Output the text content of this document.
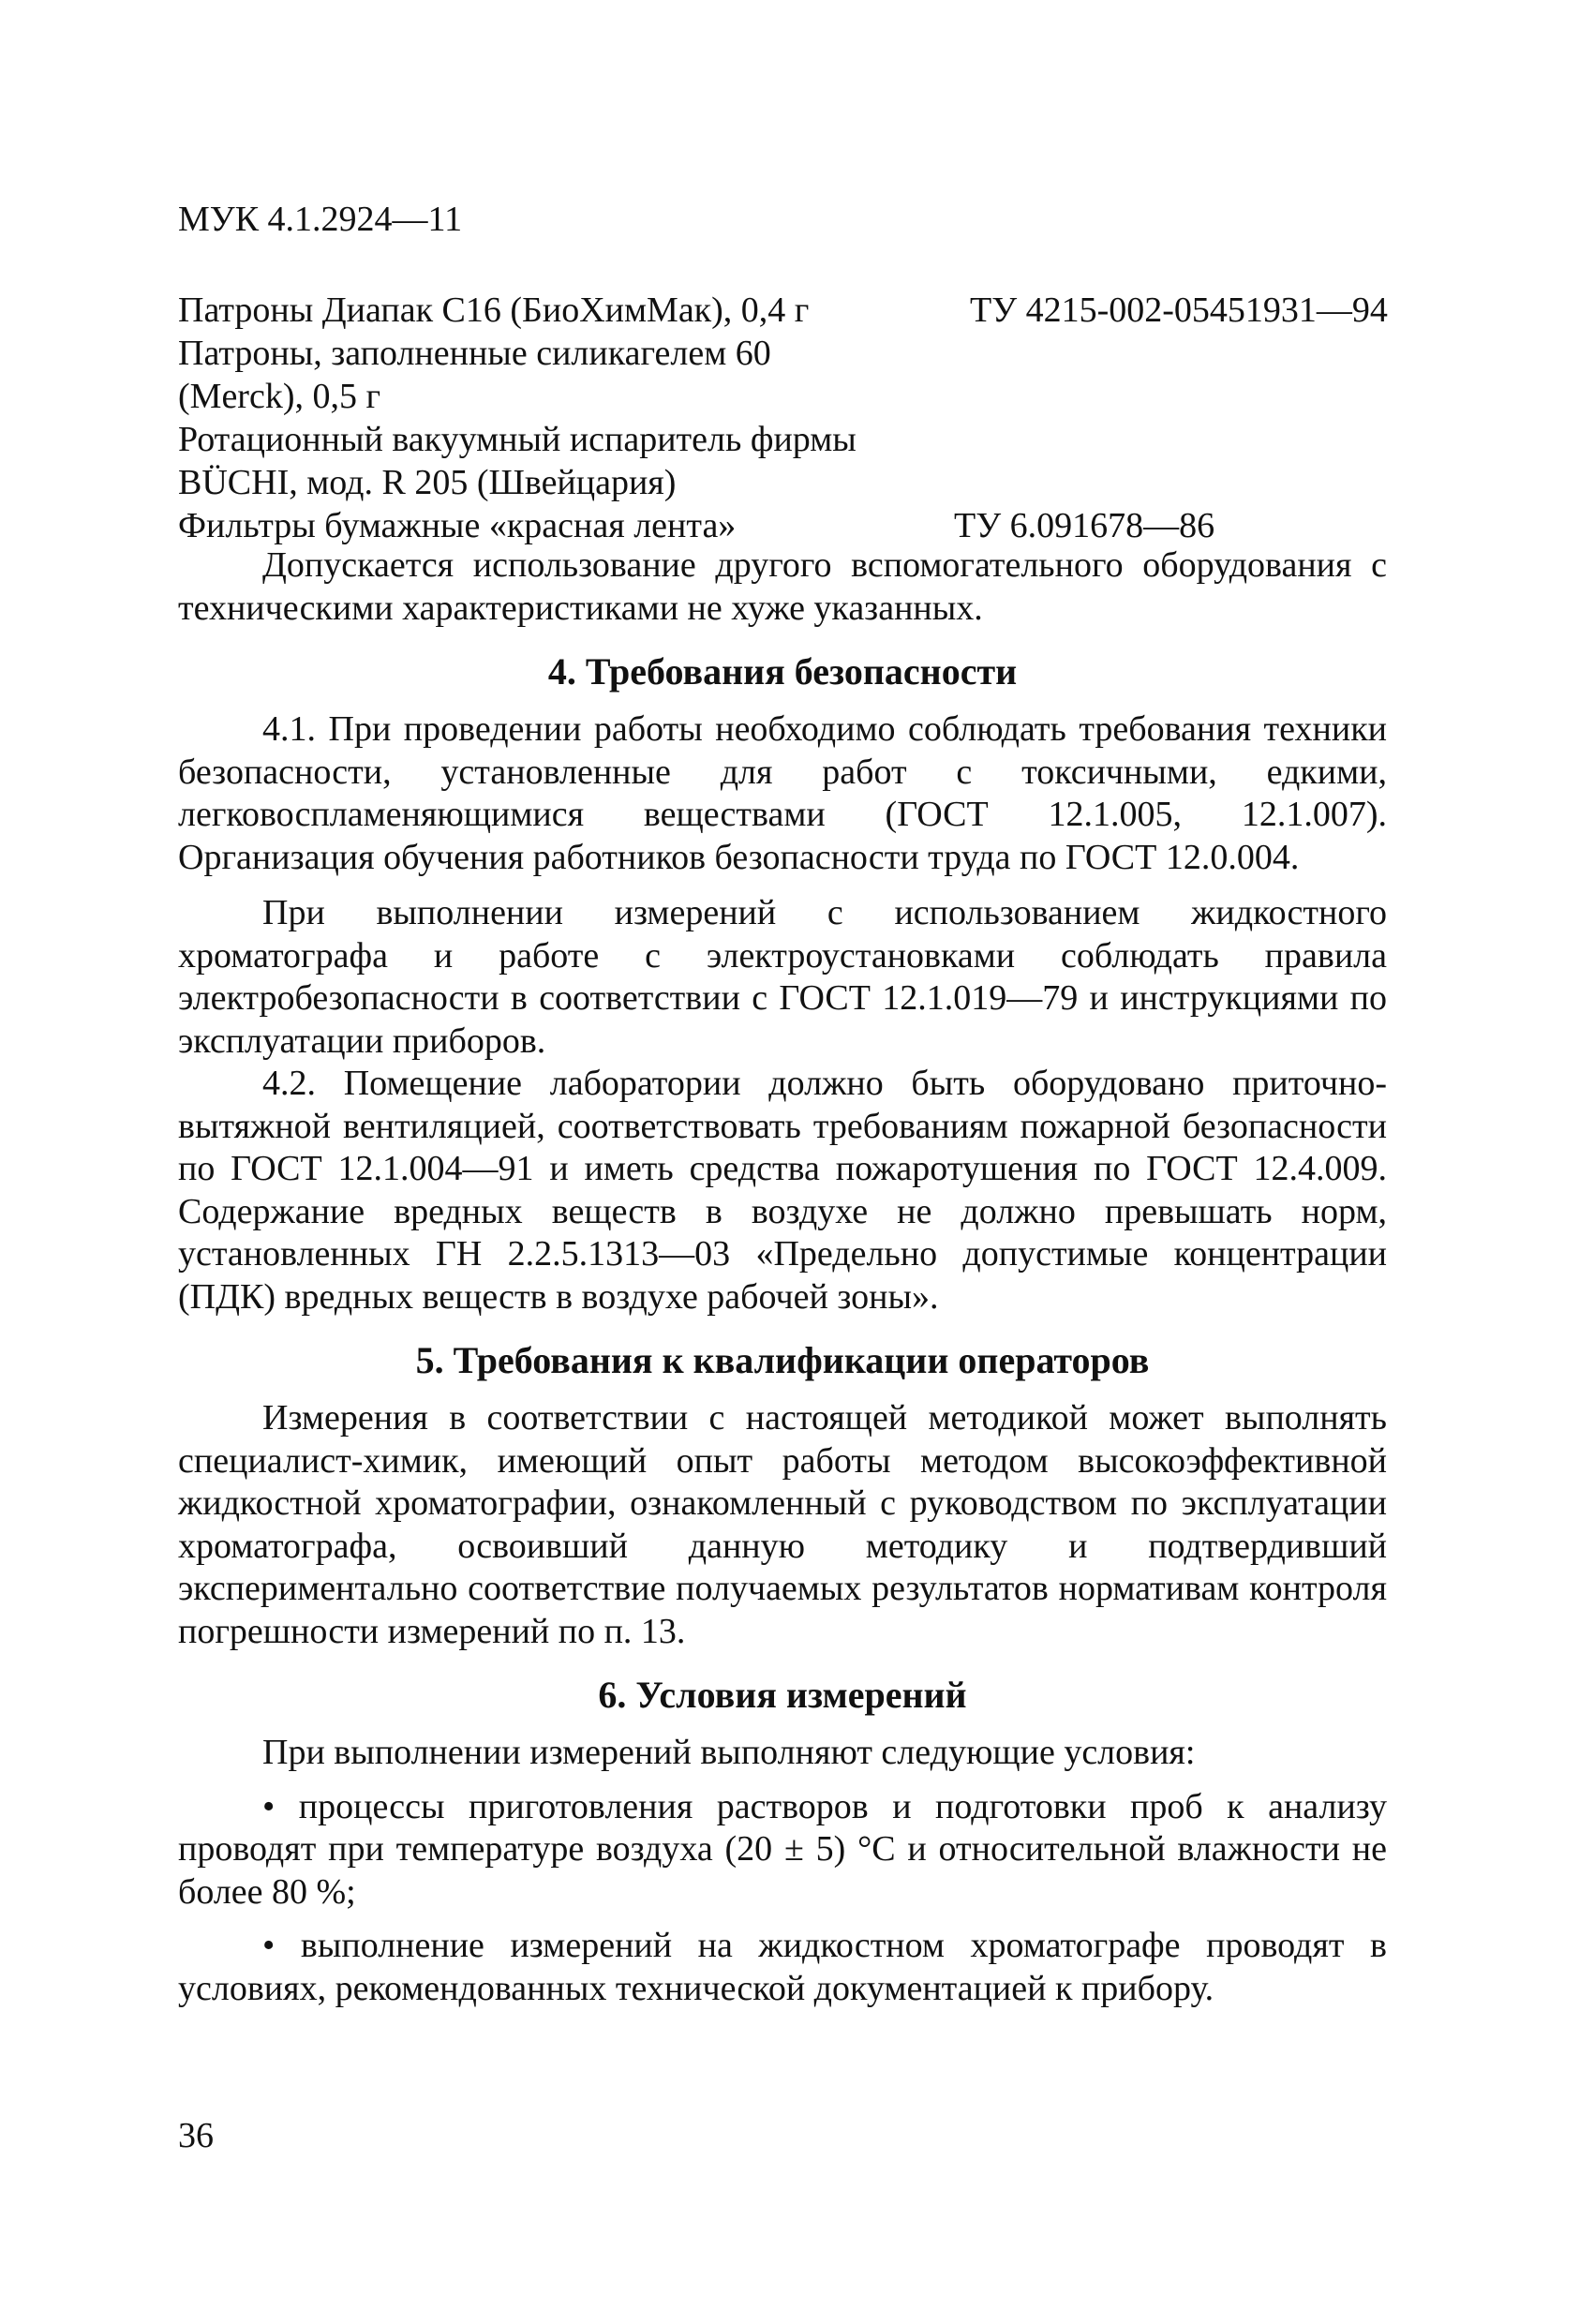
МУК 4.1.2924—11
Патроны Диапак С16 (БиоХимМак), 0,4 г	ТУ 4215-002-05451931—94
Патроны, заполненные силикагелем 60
(Merck), 0,5 г
Ротационный вакуумный испаритель фирмы
BÜCHI, мод. R 205 (Швейцария)
Фильтры бумажные «красная лента»	ТУ 6.091678—86

Допускается использование другого вспомогательного оборудования с техническими характеристиками не хуже указанных.

4. Требования безопасности

4.1. При проведении работы необходимо соблюдать требования техники безопасности, установленные для работ с токсичными, едкими, легковоспламеняющимися веществами (ГОСТ 12.1.005, 12.1.007). Организация обучения работников безопасности труда по ГОСТ 12.0.004.

При выполнении измерений с использованием жидкостного хроматографа и работе с электроустановками соблюдать правила электробезопасности в соответствии с ГОСТ 12.1.019—79 и инструкциями по эксплуатации приборов.

4.2. Помещение лаборатории должно быть оборудовано приточно-вытяжной вентиляцией, соответствовать требованиям пожарной безопасности по ГОСТ 12.1.004—91 и иметь средства пожаротушения по ГОСТ 12.4.009. Содержание вредных веществ в воздухе не должно превышать норм, установленных ГН 2.2.5.1313—03 «Предельно допустимые концентрации (ПДК) вредных веществ в воздухе рабочей зоны».

5. Требования к квалификации операторов

Измерения в соответствии с настоящей методикой может выполнять специалист-химик, имеющий опыт работы методом высокоэффективной жидкостной хроматографии, ознакомленный с руководством по эксплуатации хроматографа, освоивший данную методику и подтвердивший экспериментально соответствие получаемых результатов нормативам контроля погрешности измерений по п. 13.

6. Условия измерений

При выполнении измерений выполняют следующие условия:

• процессы приготовления растворов и подготовки проб к анализу проводят при температуре воздуха (20 ± 5) °С и относительной влажности не более 80 %;

• выполнение измерений на жидкостном хроматографе проводят в условиях, рекомендованных технической документацией к прибору.

36
